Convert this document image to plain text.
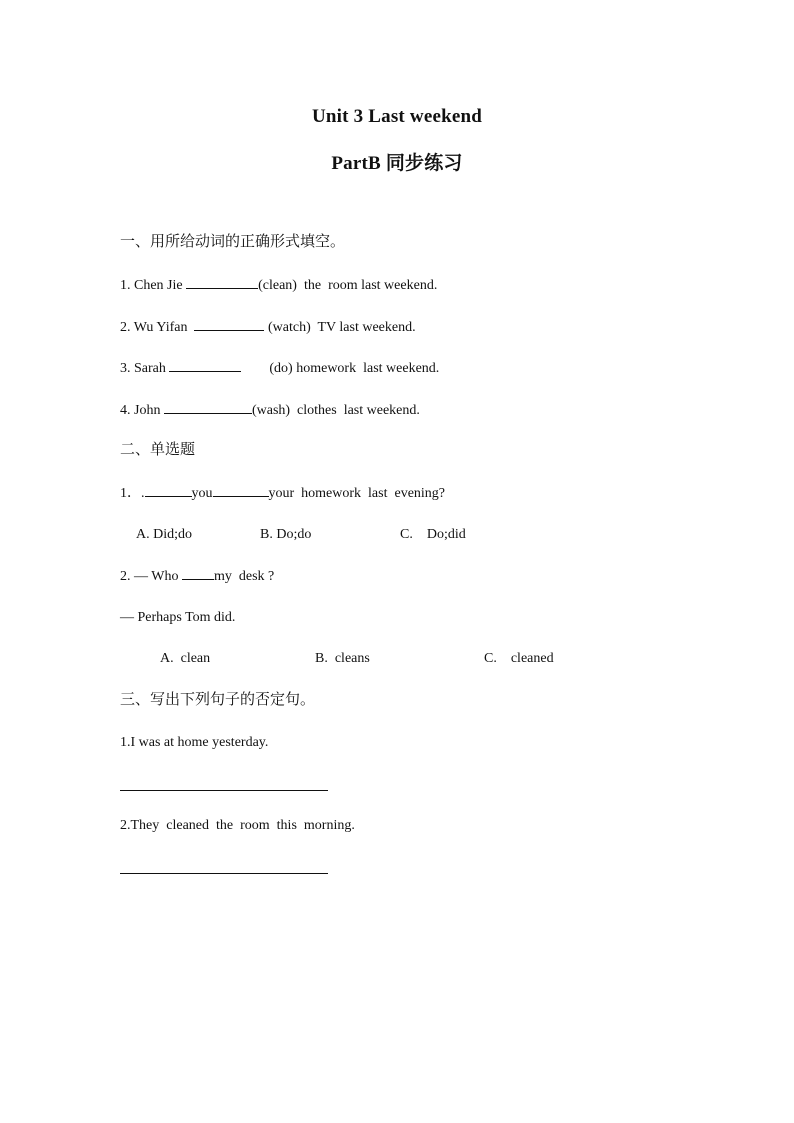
Unit 3 Last weekend
PartB 同步练习
一、用所给动词的正确形式填空。
1. Chen Jie	(clean)  the  room last weekend.
2. Wu Yifan	(watch)  TV last weekend.
3. Sarah	(do) homework  last weekend.
4. John	(wash)  clothes  last weekend.
二、单选题
1．.	you	your  homework  last  evening?
A. Did;do	B. Do;do	C.    Do;did
2. — Who my  desk ?
— Perhaps Tom did.
A.  clean	B.  cleans	C.    cleaned
三、写出下列句子的否定句。
1.I was at home yesterday.
2.They  cleaned  the  room  this  morning.
